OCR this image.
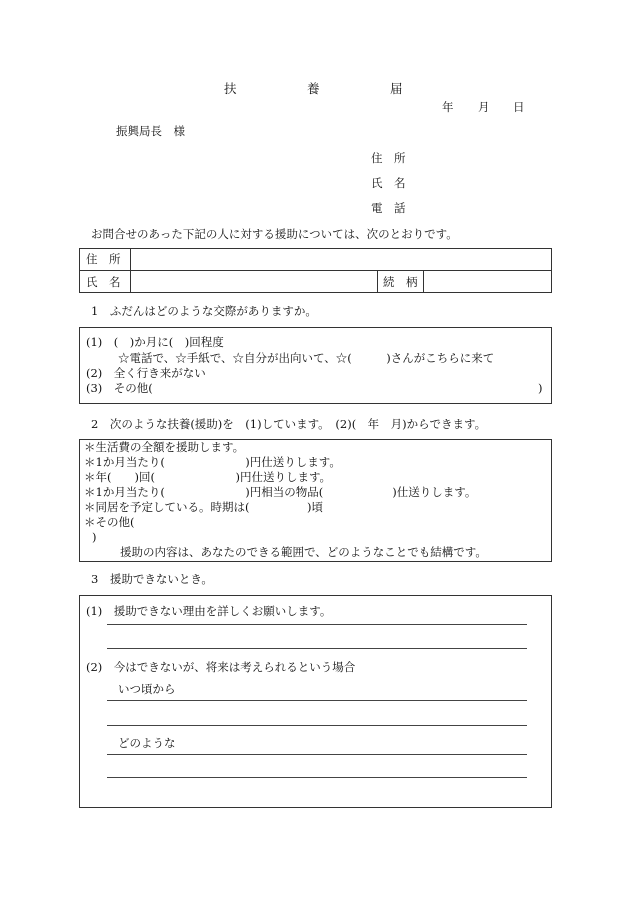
扶	養	届
年 月 日
振興局長　様
住　所
氏　名
電　話
お問合せのあった下記の人に対する援助については、次のとおりです。
住　所
氏　名	続　柄
1　ふだんはどのような交際がありますか。
(1)　(　)か月に(　)回程度
☆電話で、☆手紙で、☆自分が出向いて、☆(　　　)さんがこちらに来て
(2)　全く行き来がない
(3)　その他(	)
2　次のような扶養(援助)を　(1)しています。　(2)(　年　月)からできます。
＊生活費の全額を援助します。
＊1か月当たり(　　　　　　　)円仕送りします。
＊年(　　)回(　　　　　　　)円仕送りします。
＊1か月当たり(　　　　　　　)円相当の物品(　　　　　　)仕送りします。
＊同居を予定している。時期は(　　　　　)頃
＊その他(
)
援助の内容は、あなたのできる範囲で、どのようなことでも結構です。
3　援助できないとき。
(1)　援助できない理由を詳しくお願いします。
(2)　今はできないが、将来は考えられるという場合
いつ頃から
どのような
